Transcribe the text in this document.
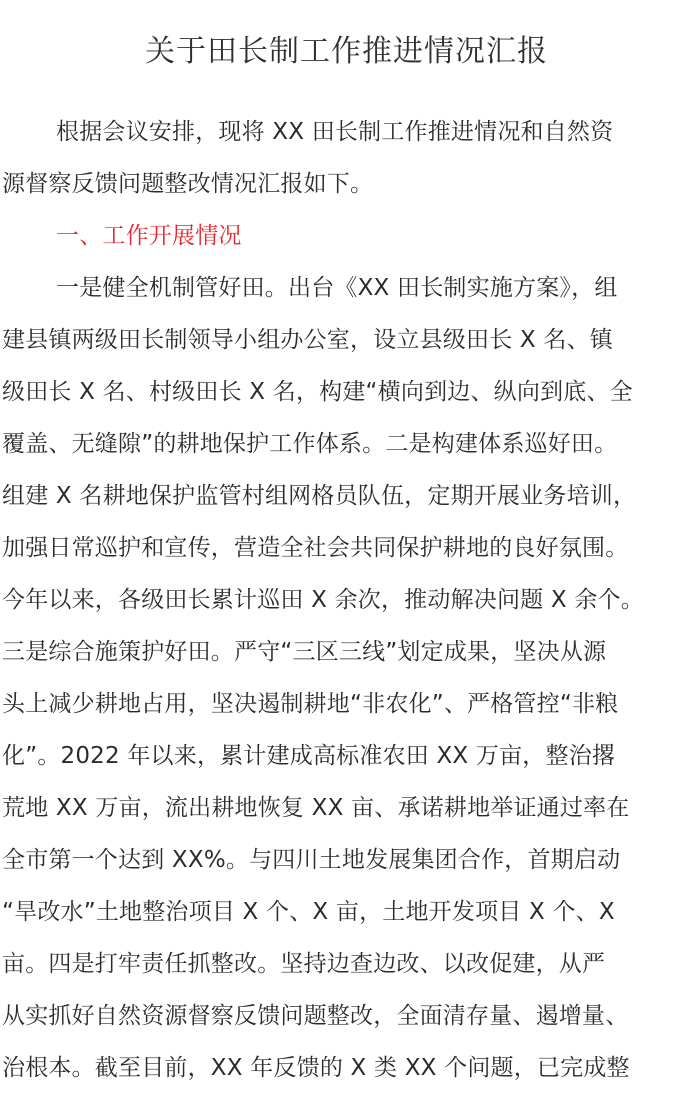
关于田长制工作推进情况汇报
根据会议安排，现将 XX 田长制工作推进情况和自然资
源督察反馈问题整改情况汇报如下。
一、工作开展情况
一是健全机制管好田。出台《XX 田长制实施方案》，组
建县镇两级田长制领导小组办公室，设立县级田长 X 名、镇
级田长 X 名、村级田长 X 名，构建“横向到边、纵向到底、全
覆盖、无缝隙”的耕地保护工作体系。二是构建体系巡好田。
组建 X 名耕地保护监管村组网格员队伍，定期开展业务培训，
加强日常巡护和宣传，营造全社会共同保护耕地的良好氛围。
今年以来，各级田长累计巡田 X 余次，推动解决问题 X 余个。
三是综合施策护好田。严守“三区三线”划定成果，坚决从源
头上减少耕地占用，坚决遏制耕地“非农化”、严格管控“非粮
化”。2022 年以来，累计建成高标准农田 XX 万亩，整治撂
荒地 XX 万亩，流出耕地恢复 XX 亩、承诺耕地举证通过率在
全市第一个达到 XX%。与四川土地发展集团合作，首期启动
“旱改水”土地整治项目 X 个、X 亩，土地开发项目 X 个、X
亩。四是打牢责任抓整改。坚持边查边改、以改促建，从严
从实抓好自然资源督察反馈问题整改，全面清存量、遏增量、
治根本。截至目前，XX 年反馈的 X 类 XX 个问题，已完成整
